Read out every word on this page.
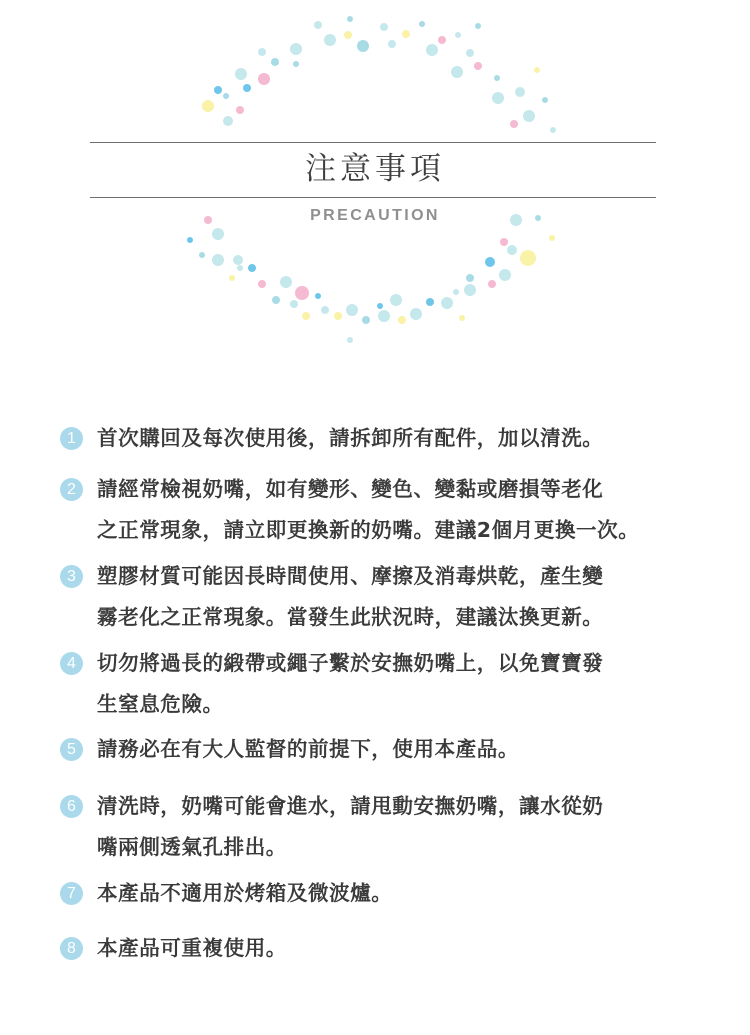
注意事項
PRECAUTION
1	首次購回及每次使用後，請拆卸所有配件，加以清洗。

2	請經常檢視奶嘴，如有變形、變色、變黏或磨損等老化

之正常現象，請立即更換新的奶嘴。建議2個月更換一次。

3	塑膠材質可能因長時間使用、摩擦及消毒烘乾，產生變

霧老化之正常現象。當發生此狀況時，建議汰換更新。

4	切勿將過長的緞帶或繩子繫於安撫奶嘴上，以免寶寶發

生窒息危險。

5	請務必在有大人監督的前提下，使用本產品。

6	清洗時，奶嘴可能會進水，請甩動安撫奶嘴，讓水從奶

嘴兩側透氣孔排出。

7	本產品不適用於烤箱及微波爐。

8	本產品可重複使用。
